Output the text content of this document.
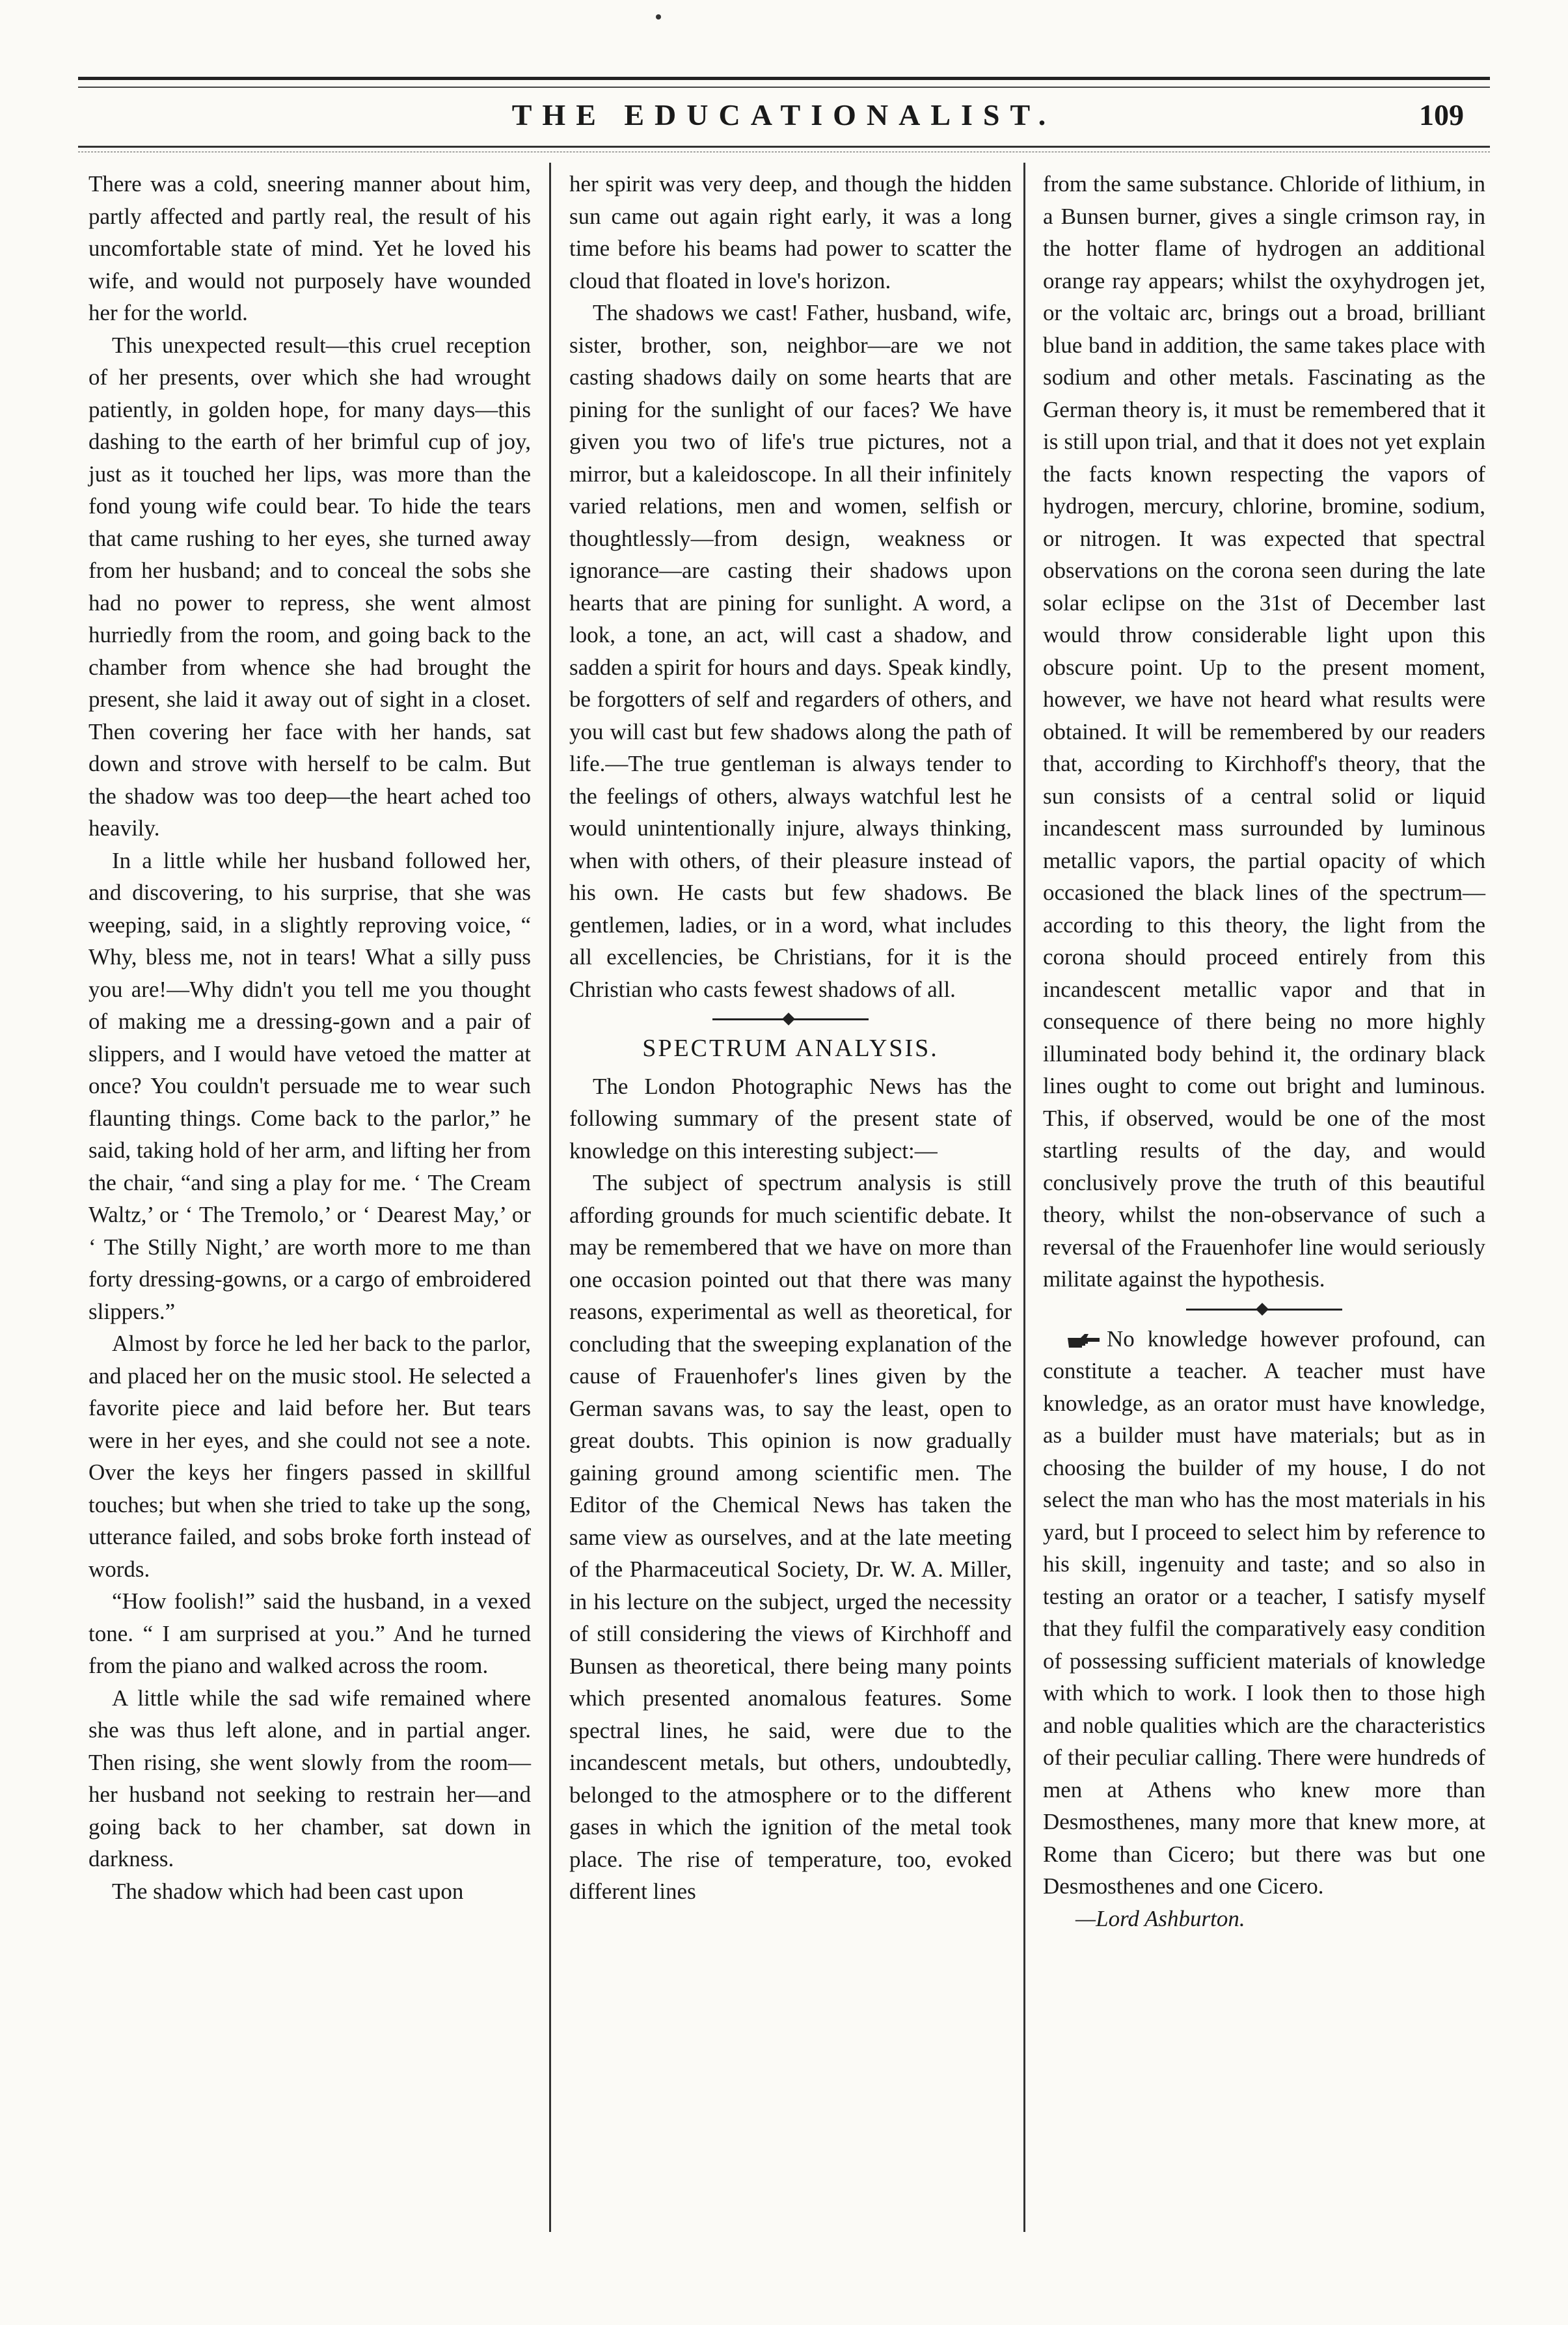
THE EDUCATIONALIST.	109

There was a cold, sneering manner about him, partly affected and partly real, the result of his uncomfortable state of mind. Yet he loved his wife, and would not purposely have wounded her for the world.

This unexpected result—this cruel reception of her presents, over which she had wrought patiently, in golden hope, for many days—this dashing to the earth of her brimful cup of joy, just as it touched her lips, was more than the fond young wife could bear. To hide the tears that came rushing to her eyes, she turned away from her husband; and to conceal the sobs she had no power to repress, she went almost hurriedly from the room, and going back to the chamber from whence she had brought the present, she laid it away out of sight in a closet. Then covering her face with her hands, sat down and strove with herself to be calm. But the shadow was too deep—the heart ached too heavily.

In a little while her husband followed her, and discovering, to his surprise, that she was weeping, said, in a slightly reproving voice, “ Why, bless me, not in tears! What a silly puss you are!—Why didn't you tell me you thought of making me a dressing-gown and a pair of slippers, and I would have vetoed the matter at once? You couldn't persuade me to wear such flaunting things. Come back to the parlor,” he said, taking hold of her arm, and lifting her from the chair, “and sing a play for me. ‘ The Cream Waltz,’ or ‘ The Tremolo,’ or ‘ Dearest May,’ or ‘ The Stilly Night,’ are worth more to me than forty dressing-gowns, or a cargo of embroidered slippers.”

Almost by force he led her back to the parlor, and placed her on the music stool. He selected a favorite piece and laid before her. But tears were in her eyes, and she could not see a note. Over the keys her fingers passed in skillful touches; but when she tried to take up the song, utterance failed, and sobs broke forth instead of words.

“How foolish!” said the husband, in a vexed tone. “ I am surprised at you.” And he turned from the piano and walked across the room.

A little while the sad wife remained where she was thus left alone, and in partial anger. Then rising, she went slowly from the room—her husband not seeking to restrain her—and going back to her chamber, sat down in darkness.

The shadow which had been cast upon

her spirit was very deep, and though the hidden sun came out again right early, it was a long time before his beams had power to scatter the cloud that floated in love's horizon.

The shadows we cast! Father, husband, wife, sister, brother, son, neighbor—are we not casting shadows daily on some hearts that are pining for the sunlight of our faces? We have given you two of life's true pictures, not a mirror, but a kaleidoscope. In all their infinitely varied relations, men and women, selfish or thoughtlessly—from design, weakness or ignorance—are casting their shadows upon hearts that are pining for sunlight. A word, a look, a tone, an act, will cast a shadow, and sadden a spirit for hours and days. Speak kindly, be forgotters of self and regarders of others, and you will cast but few shadows along the path of life.—The true gentleman is always tender to the feelings of others, always watchful lest he would unintentionally injure, always thinking, when with others, of their pleasure instead of his own. He casts but few shadows. Be gentlemen, ladies, or in a word, what includes all excellencies, be Christians, for it is the Christian who casts fewest shadows of all.

SPECTRUM ANALYSIS.

The London Photographic News has the following summary of the present state of knowledge on this interesting subject:—

The subject of spectrum analysis is still affording grounds for much scientific debate. It may be remembered that we have on more than one occasion pointed out that there was many reasons, experimental as well as theoretical, for concluding that the sweeping explanation of the cause of Frauenhofer's lines given by the German savans was, to say the least, open to great doubts. This opinion is now gradually gaining ground among scientific men. The Editor of the Chemical News has taken the same view as ourselves, and at the late meeting of the Pharmaceutical Society, Dr. W. A. Miller, in his lecture on the subject, urged the necessity of still considering the views of Kirchhoff and Bunsen as theoretical, there being many points which presented anomalous features. Some spectral lines, he said, were due to the incandescent metals, but others, undoubtedly, belonged to the atmosphere or to the different gases in which the ignition of the metal took place. The rise of temperature, too, evoked different lines

from the same substance. Chloride of lithium, in a Bunsen burner, gives a single crimson ray, in the hotter flame of hydrogen an additional orange ray appears; whilst the oxyhydrogen jet, or the voltaic arc, brings out a broad, brilliant blue band in addition, the same takes place with sodium and other metals. Fascinating as the German theory is, it must be remembered that it is still upon trial, and that it does not yet explain the facts known respecting the vapors of hydrogen, mercury, chlorine, bromine, sodium, or nitrogen. It was expected that spectral observations on the corona seen during the late solar eclipse on the 31st of December last would throw considerable light upon this obscure point. Up to the present moment, however, we have not heard what results were obtained. It will be remembered by our readers that, according to Kirchhoff's theory, that the sun consists of a central solid or liquid incandescent mass surrounded by luminous metallic vapors, the partial opacity of which occasioned the black lines of the spectrum—according to this theory, the light from the corona should proceed entirely from this incandescent metallic vapor and that in consequence of there being no more highly illuminated body behind it, the ordinary black lines ought to come out bright and luminous. This, if observed, would be one of the most startling results of the day, and would conclusively prove the truth of this beautiful theory, whilst the non-observance of such a reversal of the Frauenhofer line would seriously militate against the hypothesis.

No knowledge however profound, can constitute a teacher. A teacher must have knowledge, as an orator must have knowledge, as a builder must have materials; but as in choosing the builder of my house, I do not select the man who has the most materials in his yard, but I proceed to select him by reference to his skill, ingenuity and taste; and so also in testing an orator or a teacher, I satisfy myself that they fulfil the comparatively easy condition of possessing sufficient materials of knowledge with which to work. I look then to those high and noble qualities which are the characteristics of their peculiar calling. There were hundreds of men at Athens who knew more than Desmosthenes, many more that knew more, at Rome than Cicero; but there was but one Desmosthenes and one Cicero.

—Lord Ashburton.
